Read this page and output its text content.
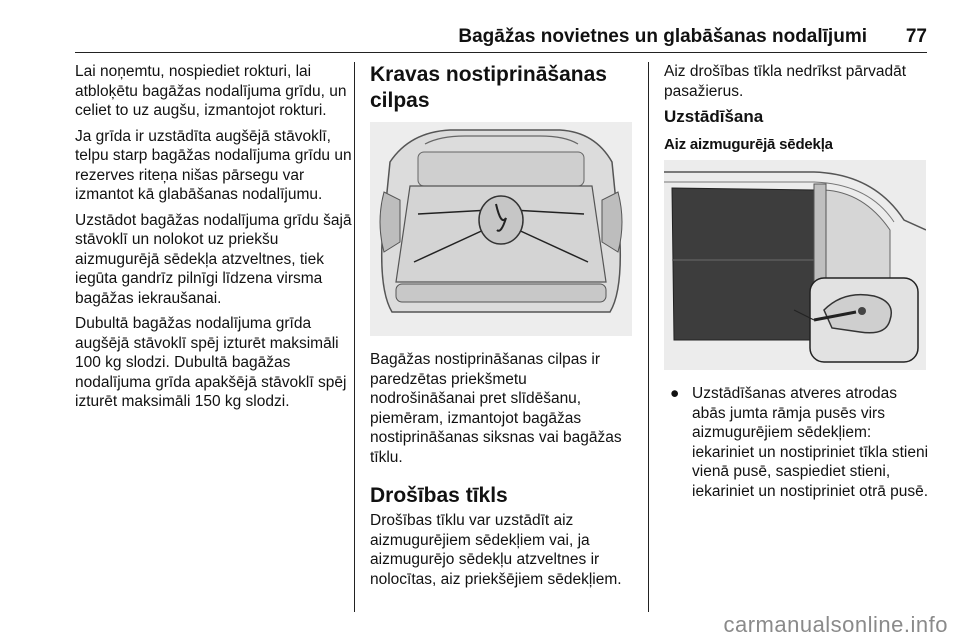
Bagāžas novietnes un glabāšanas nodalījumi 77

Lai noņemtu, nospiediet rokturi, lai atbloķētu bagāžas nodalījuma grīdu, un celiet to uz augšu, izmantojot rokturi.

Ja grīda ir uzstādīta augšējā stāvoklī, telpu starp bagāžas nodalījuma grīdu un rezerves riteņa nišas pārsegu var izmantot kā glabāšanas nodalījumu.

Uzstādot bagāžas nodalījuma grīdu šajā stāvoklī un nolokot uz priekšu aizmugurējā sēdekļa atzveltnes, tiek iegūta gandrīz pilnīgi līdzena virsma bagāžas iekraušanai.

Dubultā bagāžas nodalījuma grīda augšējā stāvoklī spēj izturēt maksimāli 100 kg slodzi. Dubultā bagāžas nodalījuma grīda apakšējā stāvoklī spēj izturēt maksimāli 150 kg slodzi.

Kravas nostiprināšanas cilpas

Bagāžas nostiprināšanas cilpas ir paredzētas priekšmetu nodrošināšanai pret slīdēšanu, piemēram, izmantojot bagāžas nostiprināšanas siksnas vai bagāžas tīklu.

Drošības tīkls

Drošības tīklu var uzstādīt aiz aizmugurējiem sēdekļiem vai, ja aizmugurējo sēdekļu atzveltnes ir nolocītas, aiz priekšējiem sēdekļiem.

Aiz drošības tīkla nedrīkst pārvadāt pasažierus.

Uzstādīšana
Aiz aizmugurējā sēdekļa
● Uzstādīšanas atveres atrodas abās jumta rāmja pusēs virs aizmugurējiem sēdekļiem: iekariniet un nostipriniet tīkla stieni vienā pusē, saspiediet stieni, iekariniet un nostipriniet otrā pusē.
carmanualsonline.info
